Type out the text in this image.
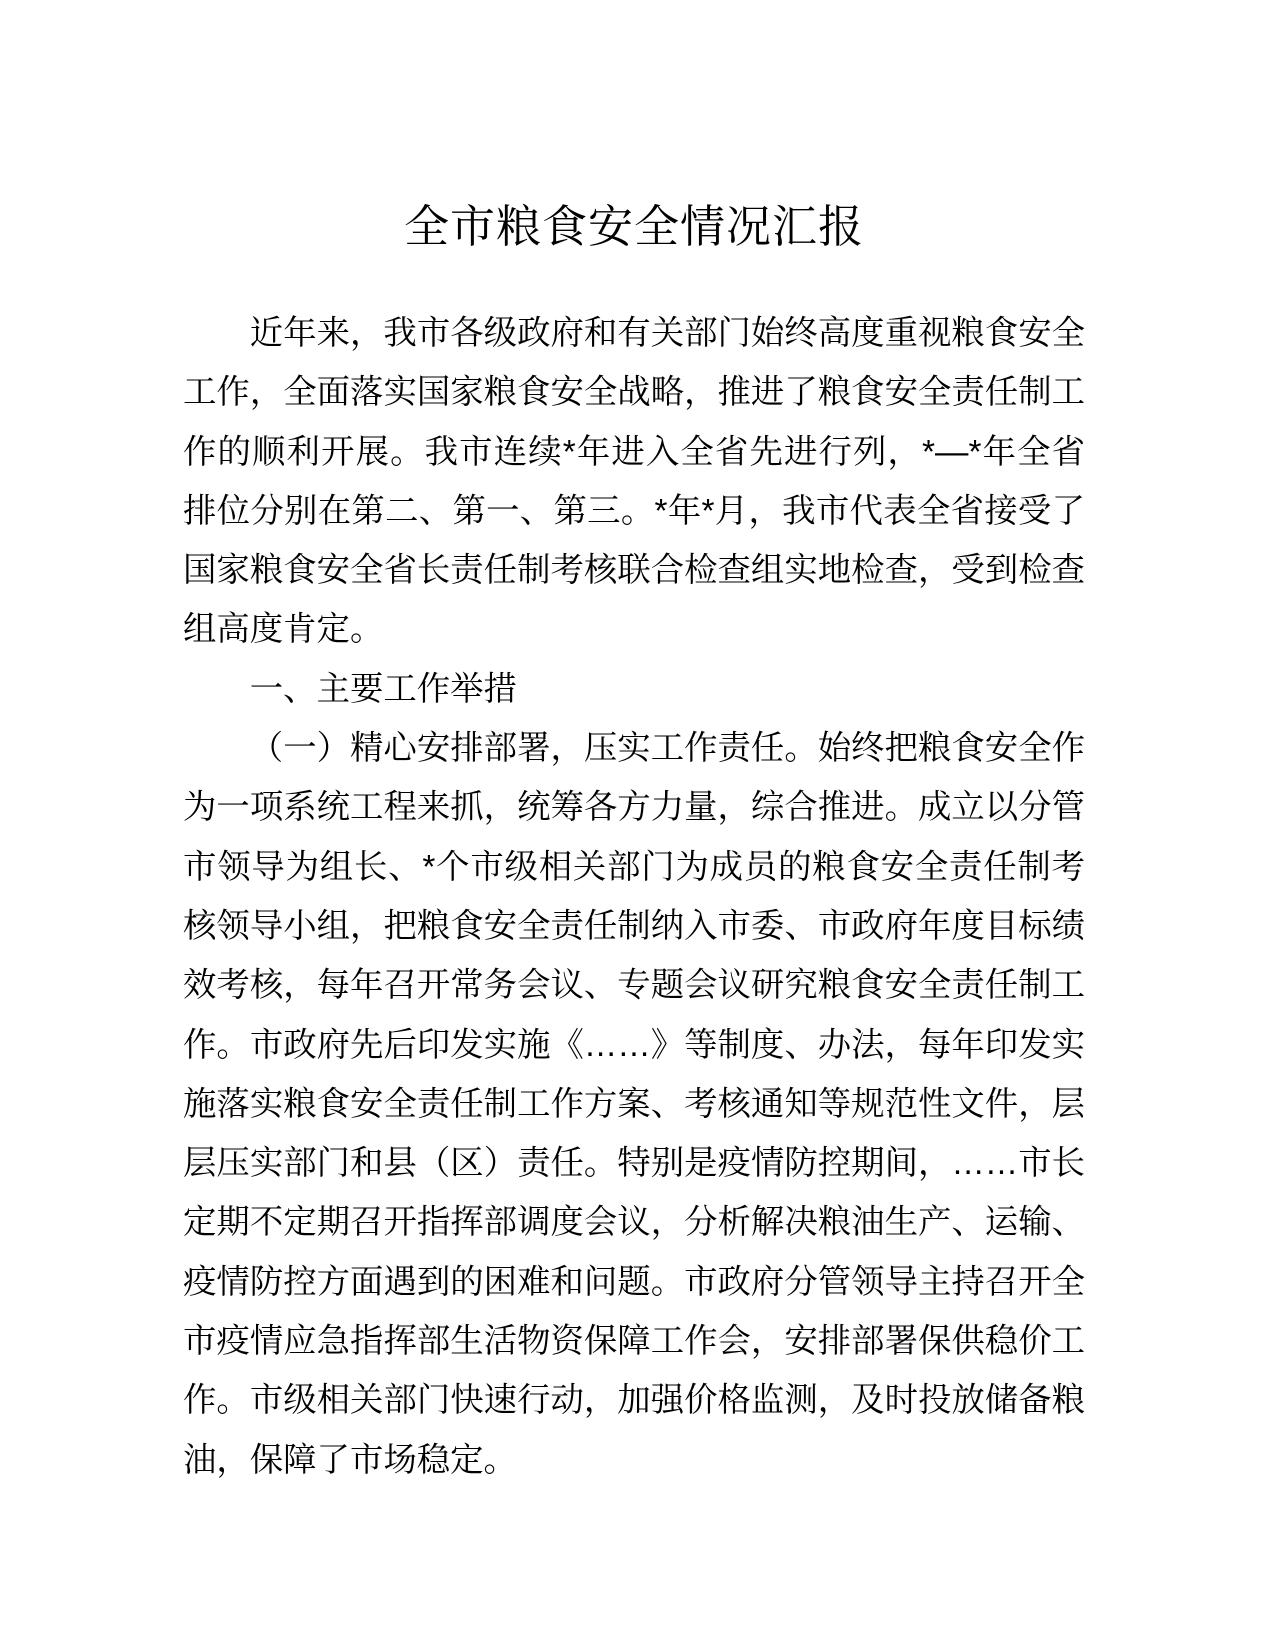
全市粮食安全情况汇报

近年来，我市各级政府和有关部门始终高度重视粮食安全工作，全面落实国家粮食安全战略，推进了粮食安全责任制工作的顺利开展。我市连续*年进入全省先进行列，*—*年全省排位分别在第二、第一、第三。*年*月，我市代表全省接受了国家粮食安全省长责任制考核联合检查组实地检查，受到检查组高度肯定。

一、主要工作举措

（一）精心安排部署，压实工作责任。始终把粮食安全作为一项系统工程来抓，统筹各方力量，综合推进。成立以分管市领导为组长、*个市级相关部门为成员的粮食安全责任制考核领导小组，把粮食安全责任制纳入市委、市政府年度目标绩效考核，每年召开常务会议、专题会议研究粮食安全责任制工作。市政府先后印发实施《……》等制度、办法，每年印发实施落实粮食安全责任制工作方案、考核通知等规范性文件，层层压实部门和县（区）责任。特别是疫情防控期间，……市长定期不定期召开指挥部调度会议，分析解决粮油生产、运输、疫情防控方面遇到的困难和问题。市政府分管领导主持召开全市疫情应急指挥部生活物资保障工作会，安排部署保供稳价工作。市级相关部门快速行动，加强价格监测，及时投放储备粮油，保障了市场稳定。
